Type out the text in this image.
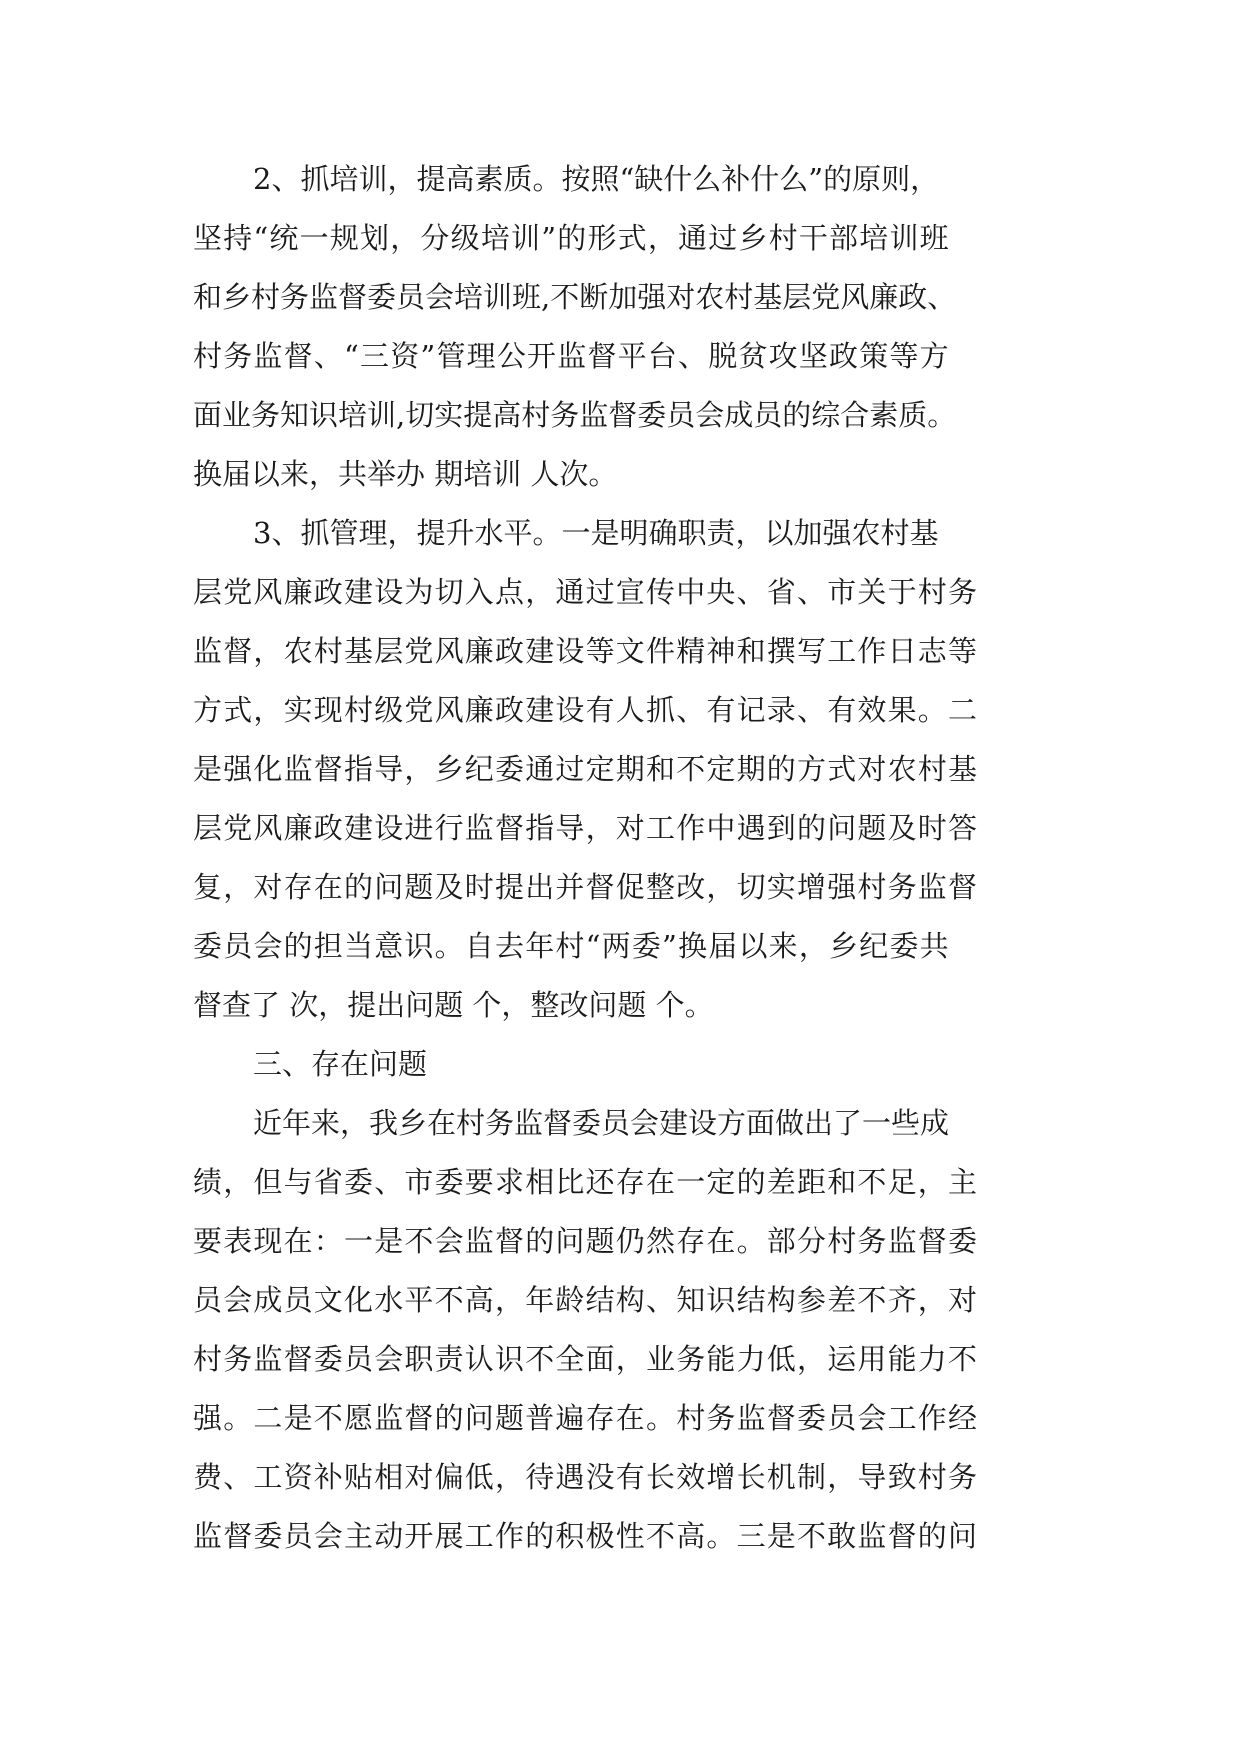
2、抓培训，提高素质。按照“缺什么补什么”的原则，
坚持“统一规划，分级培训”的形式，通过乡村干部培训班
和乡村务监督委员会培训班,不断加强对农村基层党风廉政、
村务监督、“三资”管理公开监督平台、脱贫攻坚政策等方
面业务知识培训,切实提高村务监督委员会成员的综合素质。
换届以来，共举办 期培训 人次。
3、抓管理，提升水平。一是明确职责，以加强农村基
层党风廉政建设为切入点，通过宣传中央、省、市关于村务
监督，农村基层党风廉政建设等文件精神和撰写工作日志等
方式，实现村级党风廉政建设有人抓、有记录、有效果。二
是强化监督指导，乡纪委通过定期和不定期的方式对农村基
层党风廉政建设进行监督指导，对工作中遇到的问题及时答
复，对存在的问题及时提出并督促整改，切实增强村务监督
委员会的担当意识。自去年村“两委”换届以来，乡纪委共
督查了 次，提出问题 个，整改问题 个。
三、存在问题
近年来，我乡在村务监督委员会建设方面做出了一些成
绩，但与省委、市委要求相比还存在一定的差距和不足，主
要表现在：一是不会监督的问题仍然存在。部分村务监督委
员会成员文化水平不高，年龄结构、知识结构参差不齐，对
村务监督委员会职责认识不全面，业务能力低，运用能力不
强。二是不愿监督的问题普遍存在。村务监督委员会工作经
费、工资补贴相对偏低，待遇没有长效增长机制，导致村务
监督委员会主动开展工作的积极性不高。三是不敢监督的问
